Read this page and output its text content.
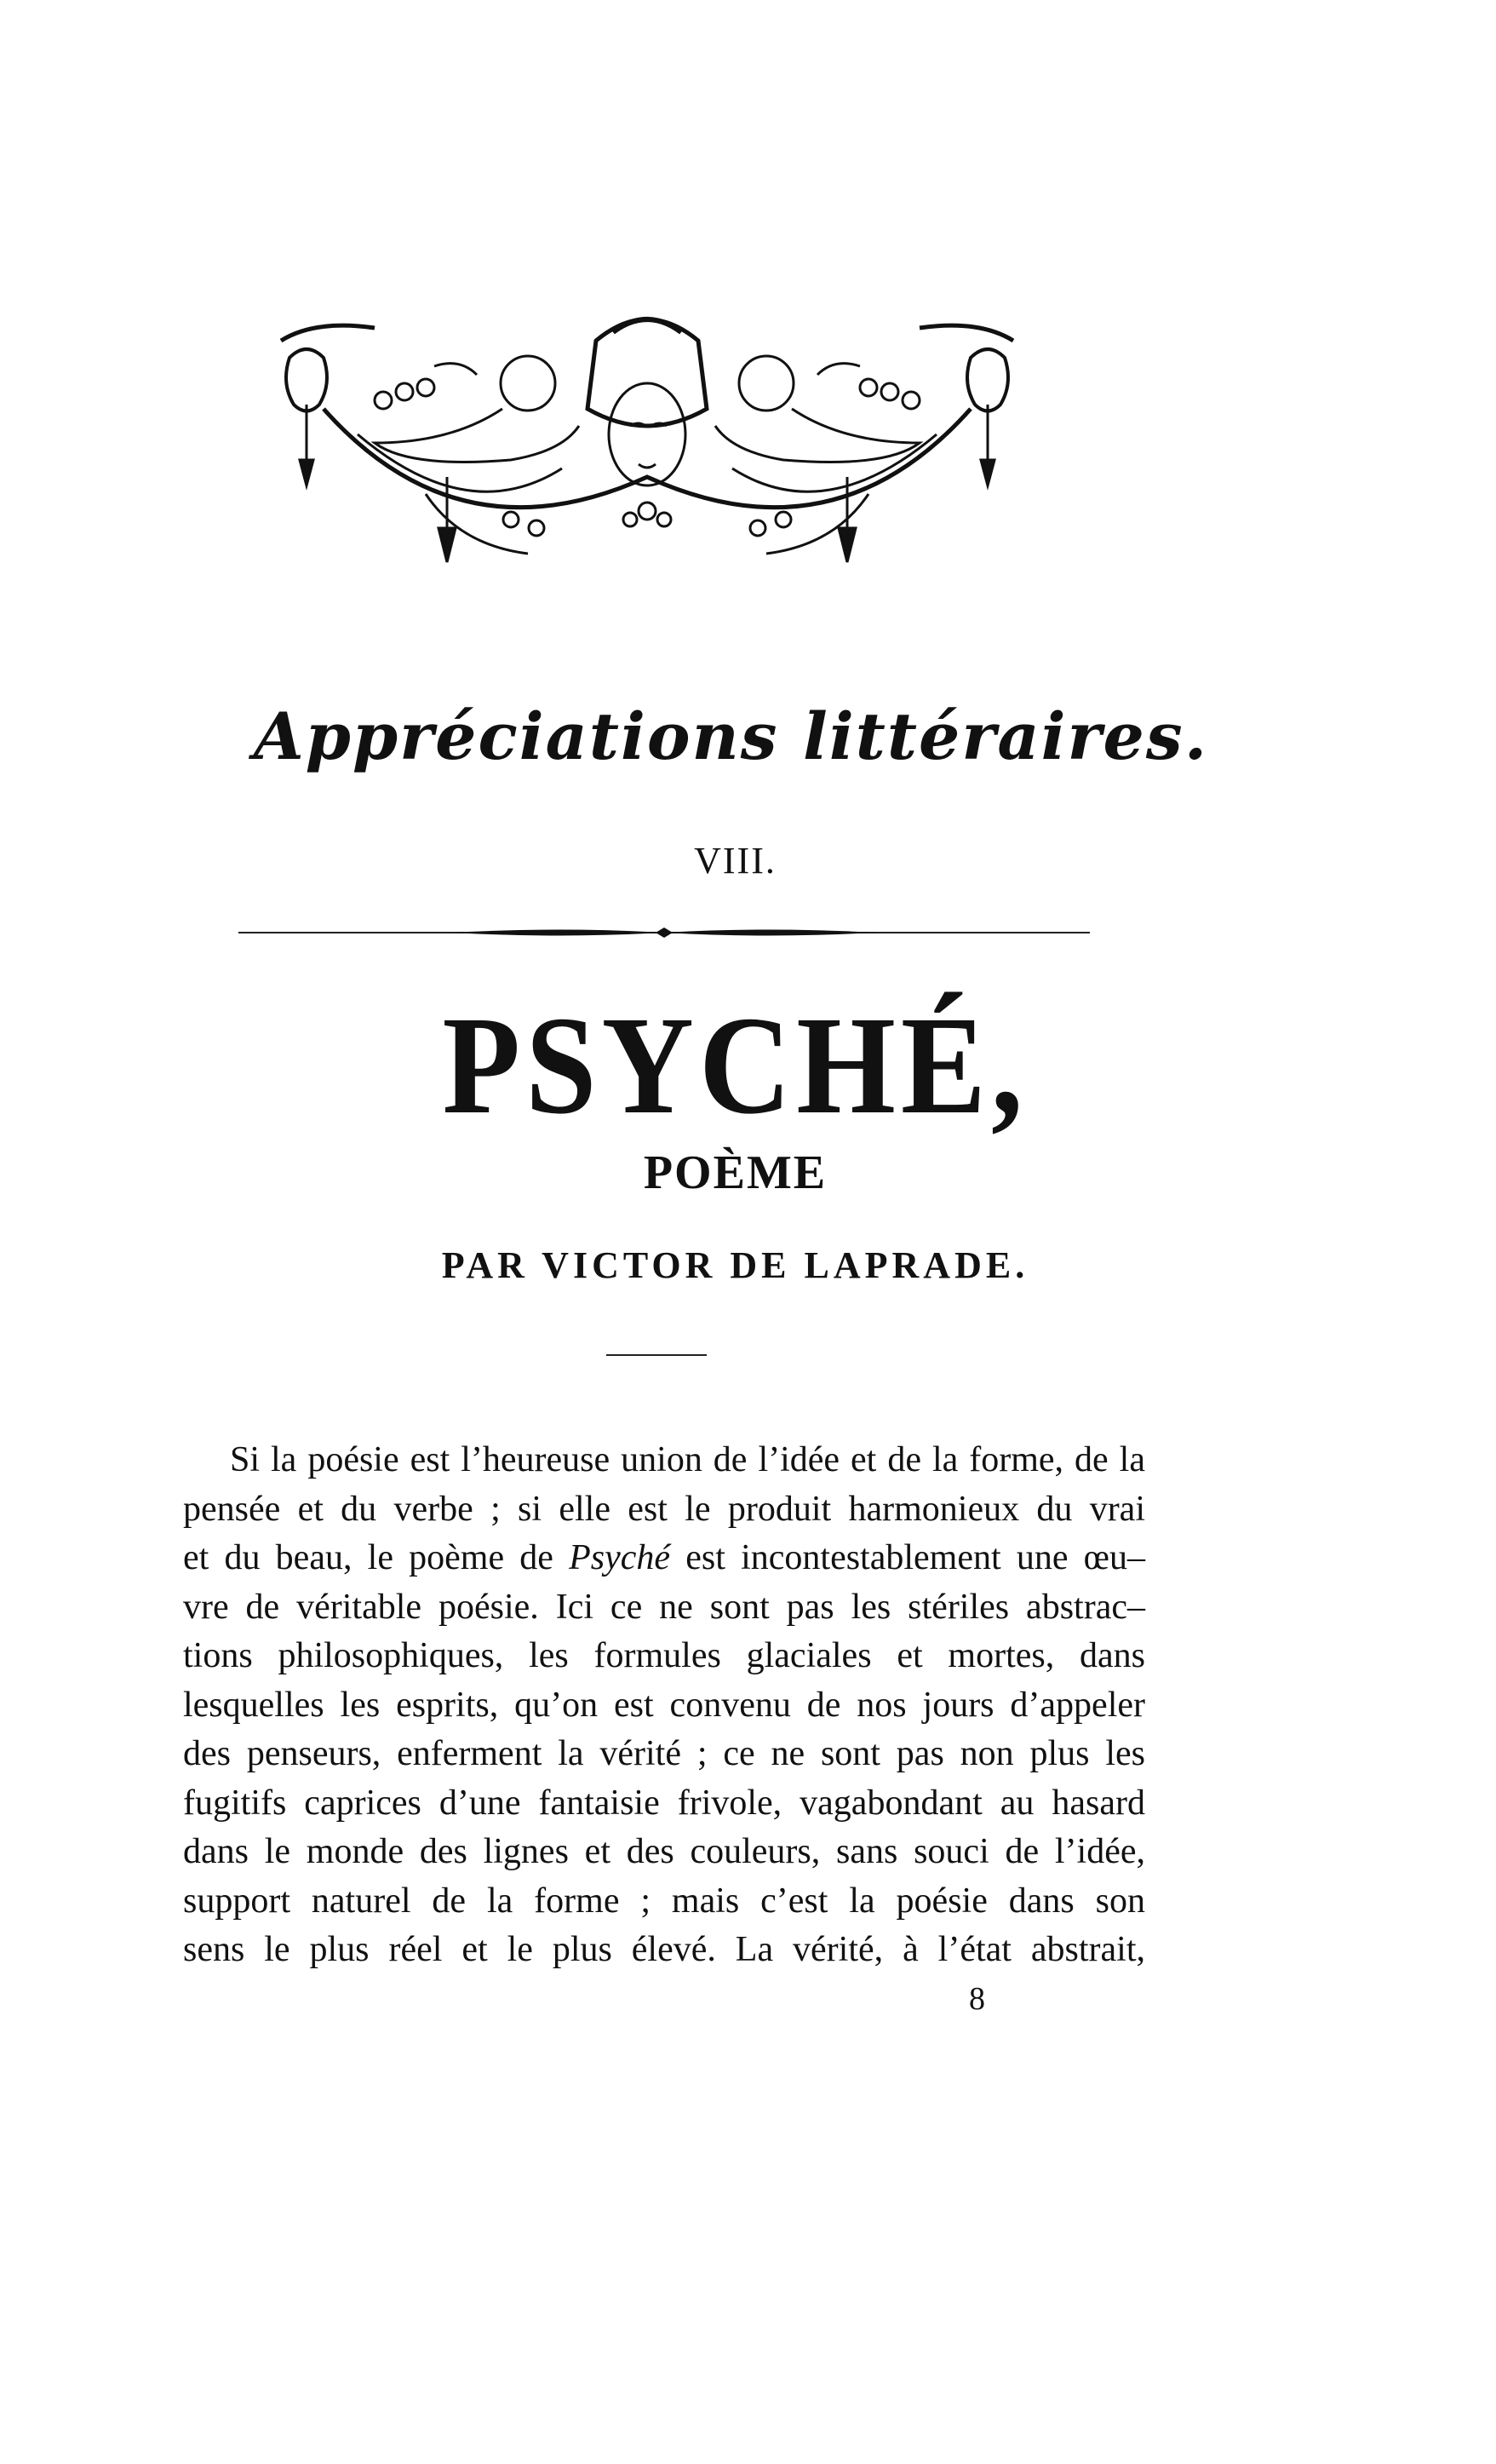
Appréciations littéraires.
VIII.
PSYCHÉ,
POÈME
PAR VICTOR DE LAPRADE.
Si la poésie est l’heureuse union de l’idée et de la forme, de la
pensée et du verbe ; si elle est le produit harmonieux du vrai
et du beau, le poème de Psyché est incontestablement une œu–
vre de véritable poésie. Ici ce ne sont pas les stériles abstrac–
tions philosophiques, les formules glaciales et mortes, dans
lesquelles les esprits, qu’on est convenu de nos jours d’appeler
des penseurs, enferment la vérité ; ce ne sont pas non plus les
fugitifs caprices d’une fantaisie frivole, vagabondant au hasard
dans le monde des lignes et des couleurs, sans souci de l’idée,
support naturel de la forme ; mais c’est la poésie dans son
sens le plus réel et le plus élevé. La vérité, à l’état abstrait,
8
